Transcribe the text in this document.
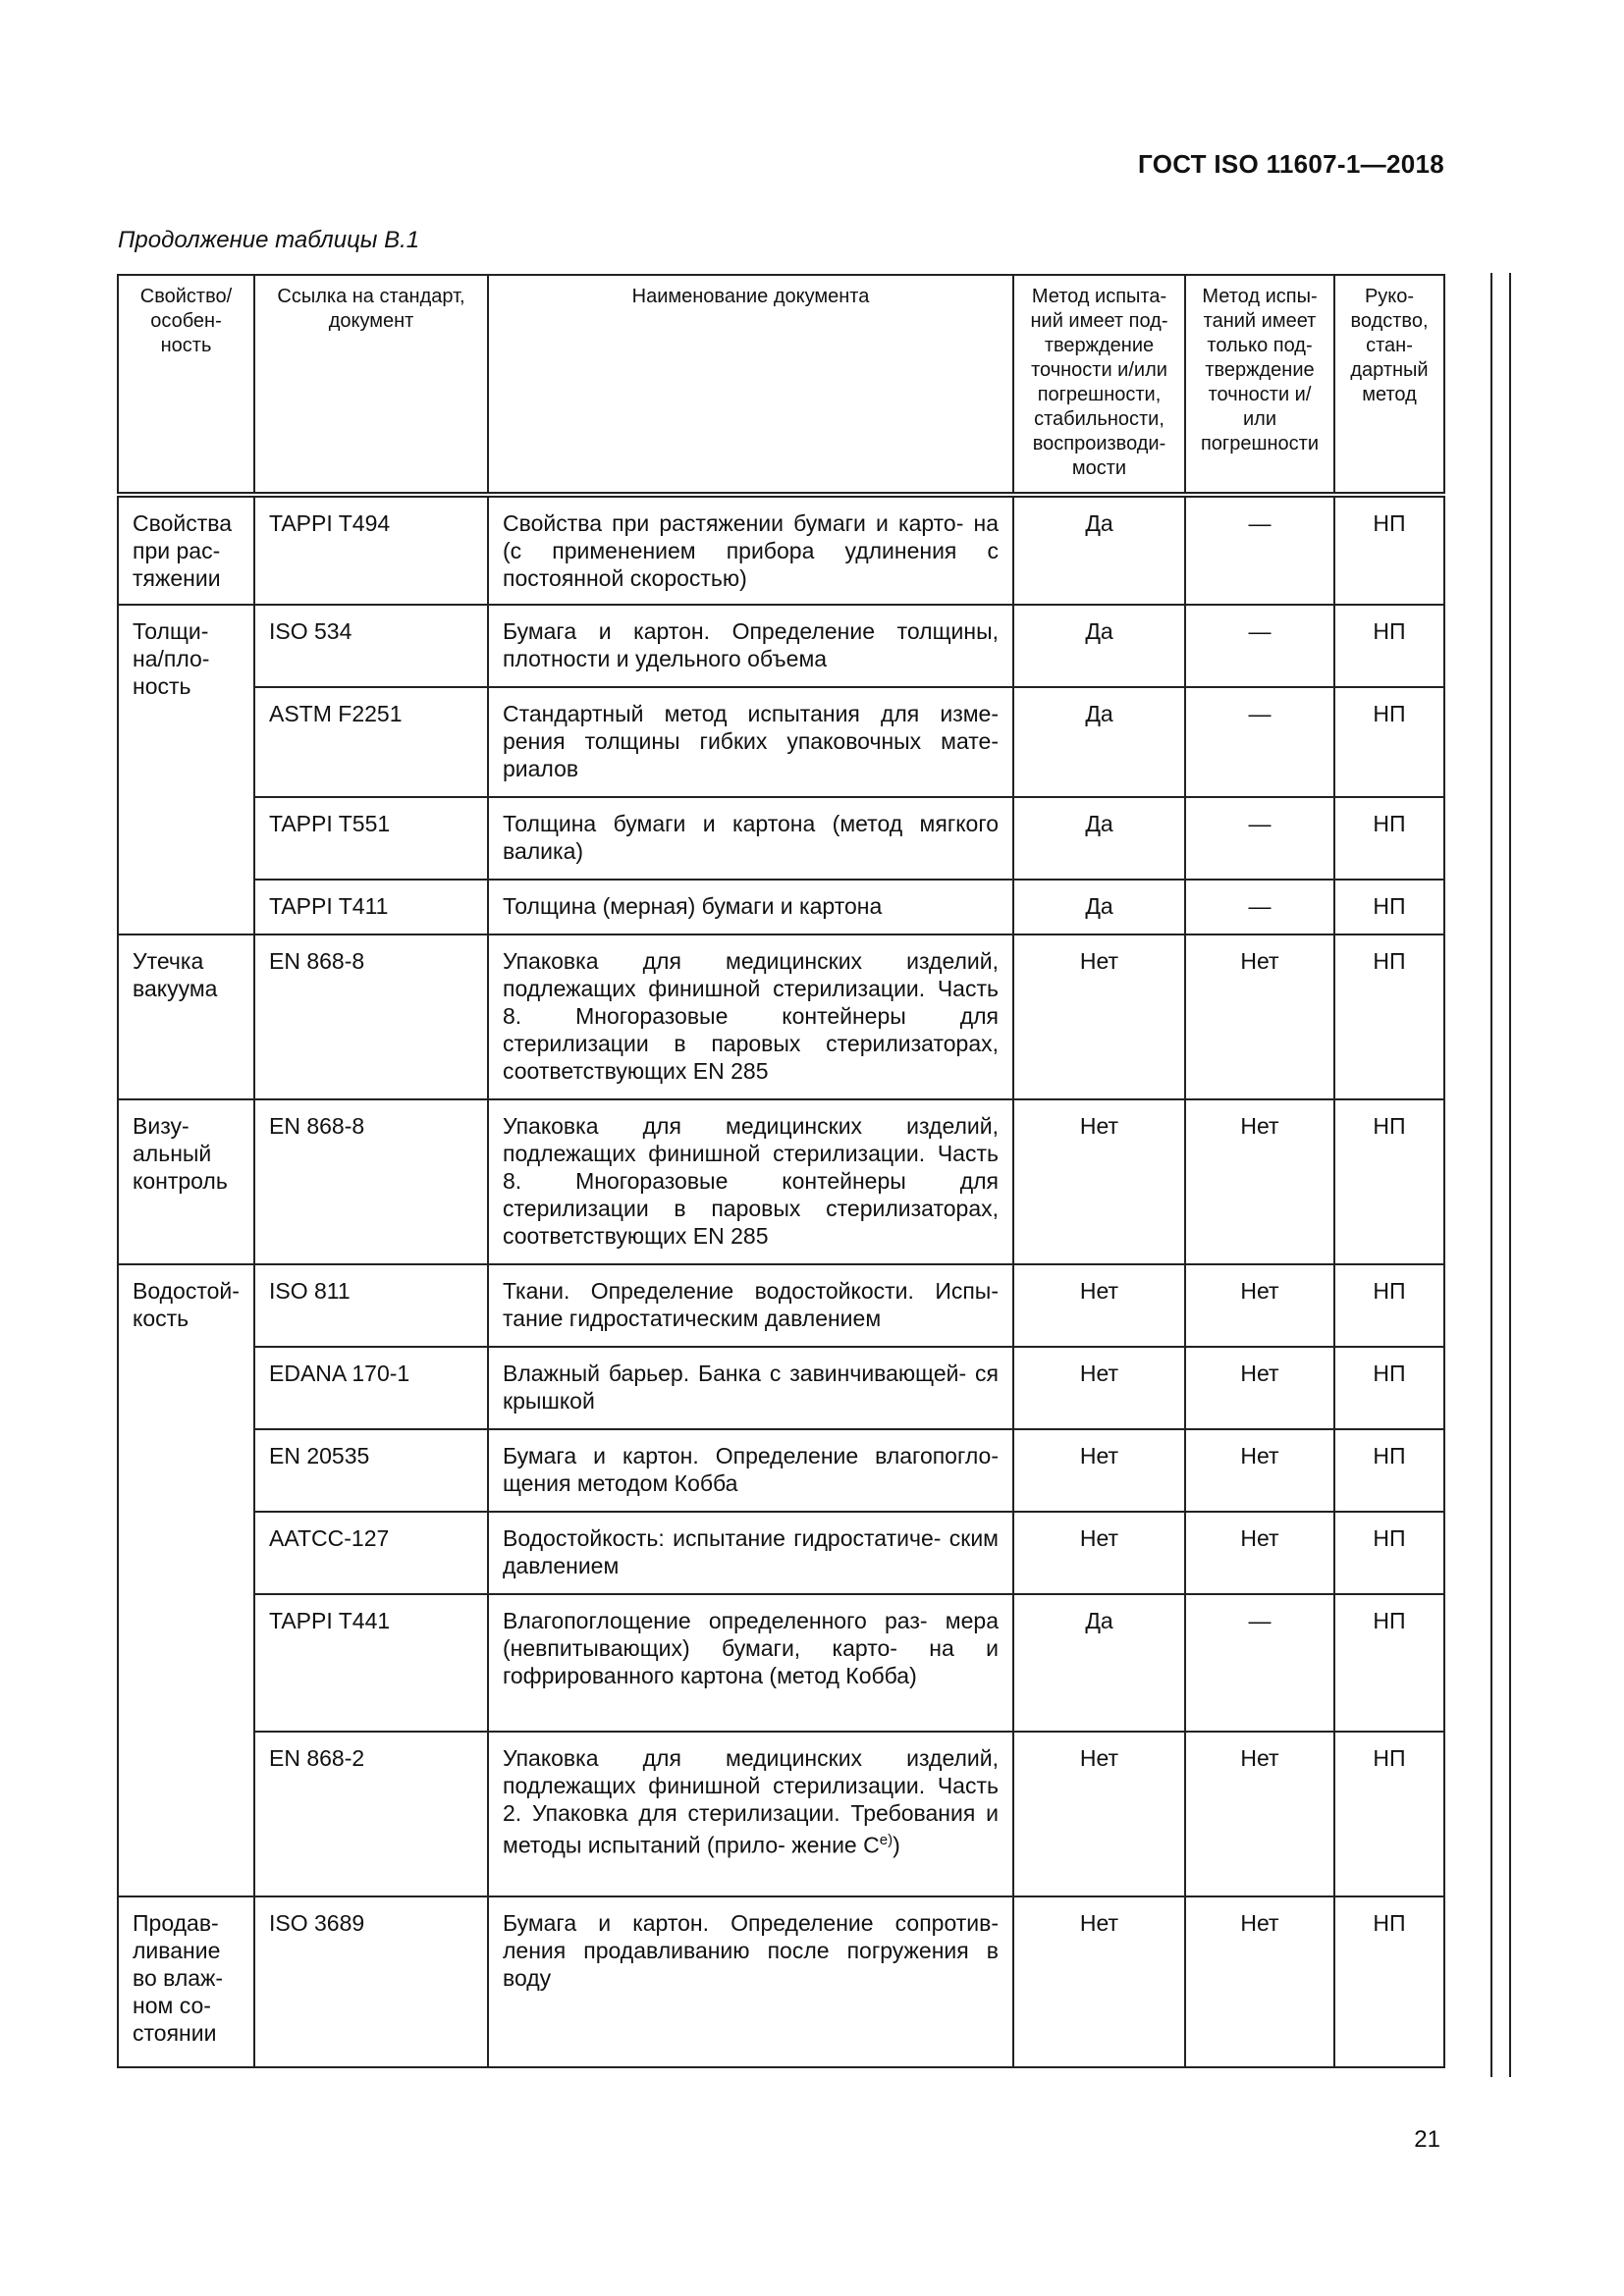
ГОСТ ISO 11607-1—2018
Продолжение таблицы В.1
Свойство/ особен- ность	Ссылка на стандарт, документ	Наименование документа	Метод испыта- ний имеет под- тверждение точности и/или погрешности, стабильности, воспроизводи- мости	Метод испы- таний имеет только под- тверждение точности и/или погрешности	Руко- водство, стан- дартный метод
Свойства при рас- тяжении	TAPPI T494	Свойства при растяжении бумаги и карто- на (с применением прибора удлинения с постоянной скоростью)	Да	—	НП
Толщи- на/пло- ность	ISO 534	Бумага и картон. Определение толщины, плотности и удельного объема	Да	—	НП
	ASTM F2251	Стандартный метод испытания для изме- рения толщины гибких упаковочных мате- риалов	Да	—	НП
	TAPPI T551	Толщина бумаги и картона (метод мягкого валика)	Да	—	НП
	TAPPI T411	Толщина (мерная) бумаги и картона	Да	—	НП
Утечка вакуума	EN 868-8	Упаковка для медицинских изделий, подлежащих финишной стерилизации. Часть 8. Многоразовые контейнеры для стерилизации в паровых стерилизаторах, соответствующих EN 285	Нет	Нет	НП
Визу- альный контроль	EN 868-8	Упаковка для медицинских изделий, подлежащих финишной стерилизации. Часть 8. Многоразовые контейнеры для стерилизации в паровых стерилизаторах, соответствующих EN 285	Нет	Нет	НП
Водостой- кость	ISO 811	Ткани. Определение водостойкости. Испы- тание гидростатическим давлением	Нет	Нет	НП
	EDANA 170-1	Влажный барьер. Банка с завинчивающей- ся крышкой	Нет	Нет	НП
	EN 20535	Бумага и картон. Определение влагопогло- щения методом Кобба	Нет	Нет	НП
	AATCC-127	Водостойкость: испытание гидростатиче- ским давлением	Нет	Нет	НП
	TAPPI T441	Влагопоглощение определенного раз- мера (невпитывающих) бумаги, карто- на и гофрированного картона (метод Кобба)	Да	—	НП
	EN 868-2	Упаковка для медицинских изделий, подлежащих финишной стерилизации. Часть 2. Упаковка для стерилизации. Требования и методы испытаний (прило- жение $С^{е)}$)	Нет	Нет	НП
Продав- ливание во влаж- ном со- стоянии	ISO 3689	Бумага и картон. Определение сопротив- ления продавливанию после погружения в воду	Нет	Нет	НП
21
